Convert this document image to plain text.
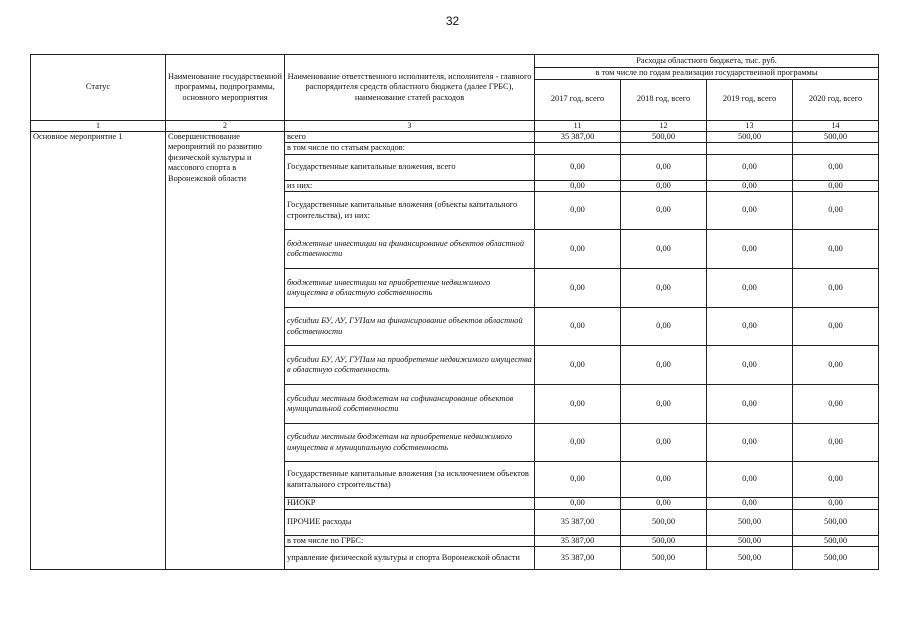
32
Статус	Наименование государственной программы, подпрограммы, основного мероприятия	Наименование ответственного исполнителя, исполнителя - главного распорядителя средств областного бюджета (далее ГРБС), наименование статей расходов	Расходы областного бюджета, тыс. руб.			
			в том числе по годам реализации государственной программы			
			2017 год, всего	2018 год, всего	2019 год, всего	2020 год, всего
1	2	3	11	12	13	14
Основное мероприятие 1	Совершенствование мероприятий по развитию физической культуры и массового спорта в Воронежской области	всего	35 387,00	500,00	500,00	500,00
		в том числе по статьям расходов:				
		Государственные капитальные вложения, всего	0,00	0,00	0,00	0,00
		из них:	0,00	0,00	0,00	0,00
		Государственные капитальные вложения (объекты капитального строительства), из них:	0,00	0,00	0,00	0,00
		бюджетные инвестиции на финансирование объектов областной собственности	0,00	0,00	0,00	0,00
		бюджетные инвестиции на приобретение недвижимого имущества в областную собственность	0,00	0,00	0,00	0,00
		субсидии БУ, АУ, ГУПам на финансирование объектов областной собственности	0,00	0,00	0,00	0,00
		субсидии БУ, АУ, ГУПам на приобретение недвижимого имущества в областную собственность	0,00	0,00	0,00	0,00
		субсидии местным бюджетам на софинансирование объектов муниципальной собственности	0,00	0,00	0,00	0,00
		субсидии местным бюджетам на приобретение недвижимого имущества в муниципальную собственность	0,00	0,00	0,00	0,00
		Государственные капитальные вложения (за исключением объектов капитального строительства)	0,00	0,00	0,00	0,00
		НИОКР	0,00	0,00	0,00	0,00
		ПРОЧИЕ расходы	35 387,00	500,00	500,00	500,00
		в том числе по ГРБС:	35 387,00	500,00	500,00	500,00
		управление физической культуры и спорта Воронежской области	35 387,00	500,00	500,00	500,00
